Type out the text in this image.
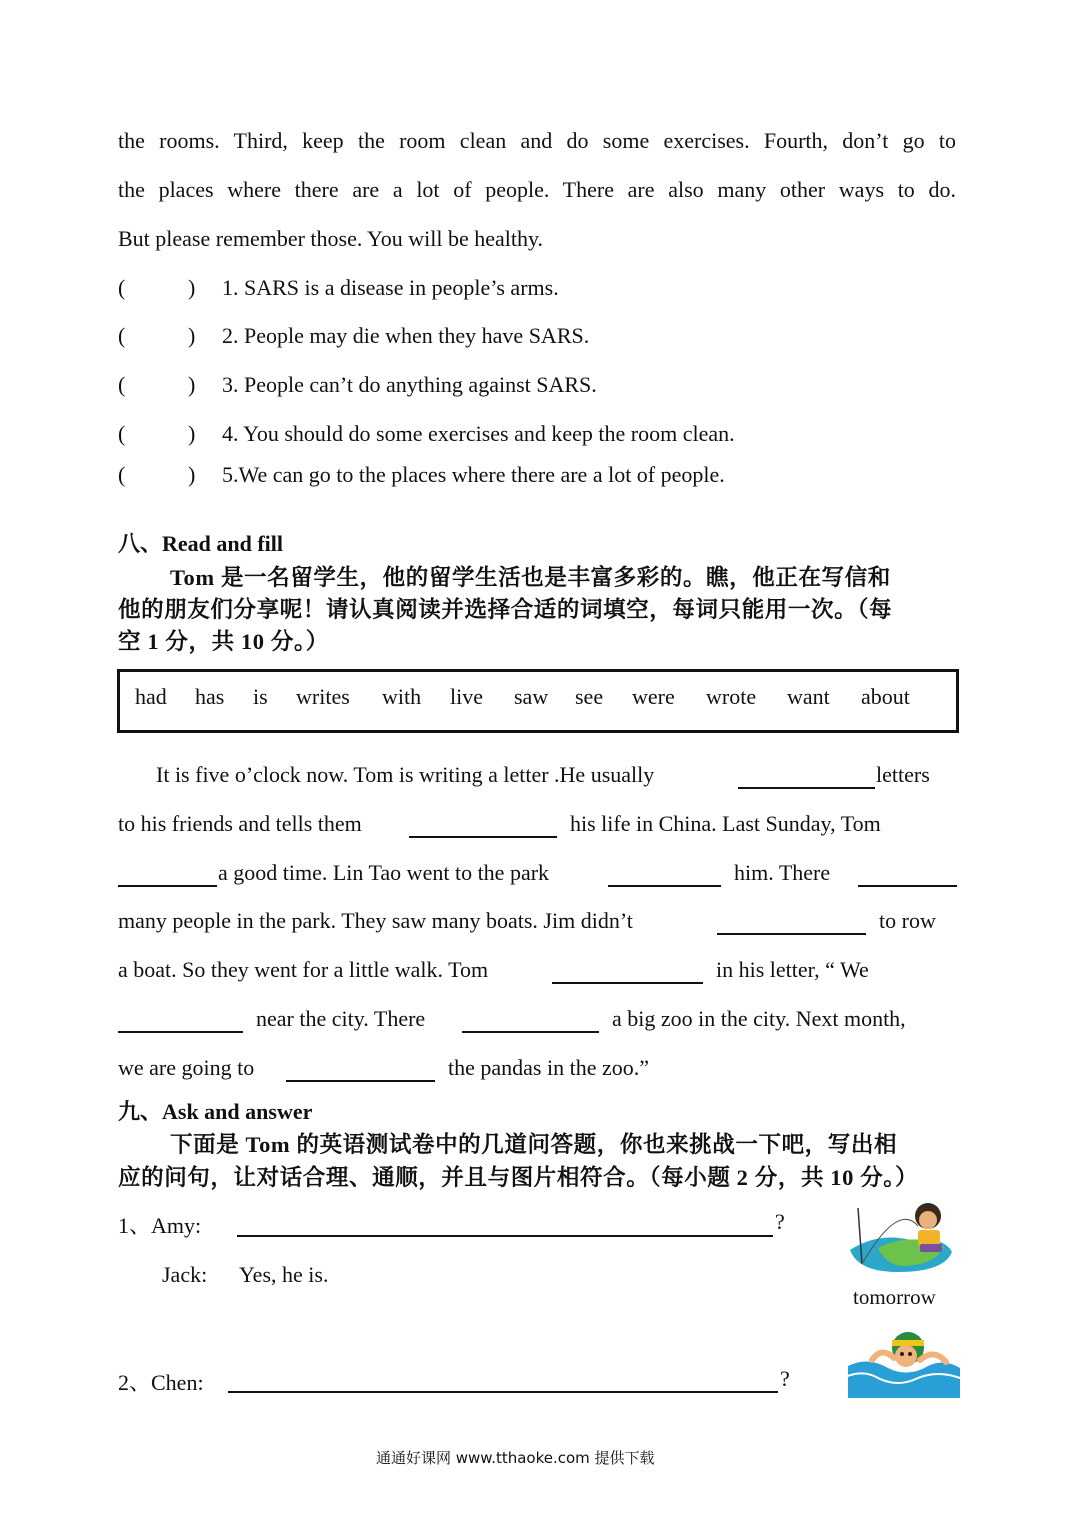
the rooms. Third, keep the room clean and do some exercises. Fourth, don’t go to
the places where there are a lot of people. There are also many other ways to do.
But please remember those. You will be healthy.
(	) 1. SARS is a disease in people’s arms.
(	) 2. People may die when they have SARS.
(	) 3. People can’t do anything against SARS.
(	) 4. You should do some exercises and keep the room clean.
(	) 5.We can go to the places where there are a lot of people.
八、Read and fill
Tom 是一名留学生，他的留学生活也是丰富多彩的。瞧，他正在写信和
他的朋友们分享呢！请认真阅读并选择合适的词填空，每词只能用一次。（每
空 1 分，共 10 分。）
had has is writes with live saw see were wrote want about
It is five o’clock now. Tom is writing a letter .He usually	letters
to his friends and tells them	his life in China. Last Sunday, Tom
a good time. Lin Tao went to the park	him. There
many people in the park. They saw many boats. Jim didn’t	to row
a boat. So they went for a little walk. Tom	in his letter, “ We
near the city. There	a big zoo in the city. Next month,
we are going to	the pandas in the zoo.”
九、Ask and answer
下面是 Tom 的英语测试卷中的几道问答题，你也来挑战一下吧，写出相
应的问句，让对话合理、通顺，并且与图片相符合。（每小题 2 分，共 10 分。）
1、Amy:	?
Jack: Yes, he is.
tomorrow
2、Chen:	?
通通好课网 www.tthaoke.com 提供下载
